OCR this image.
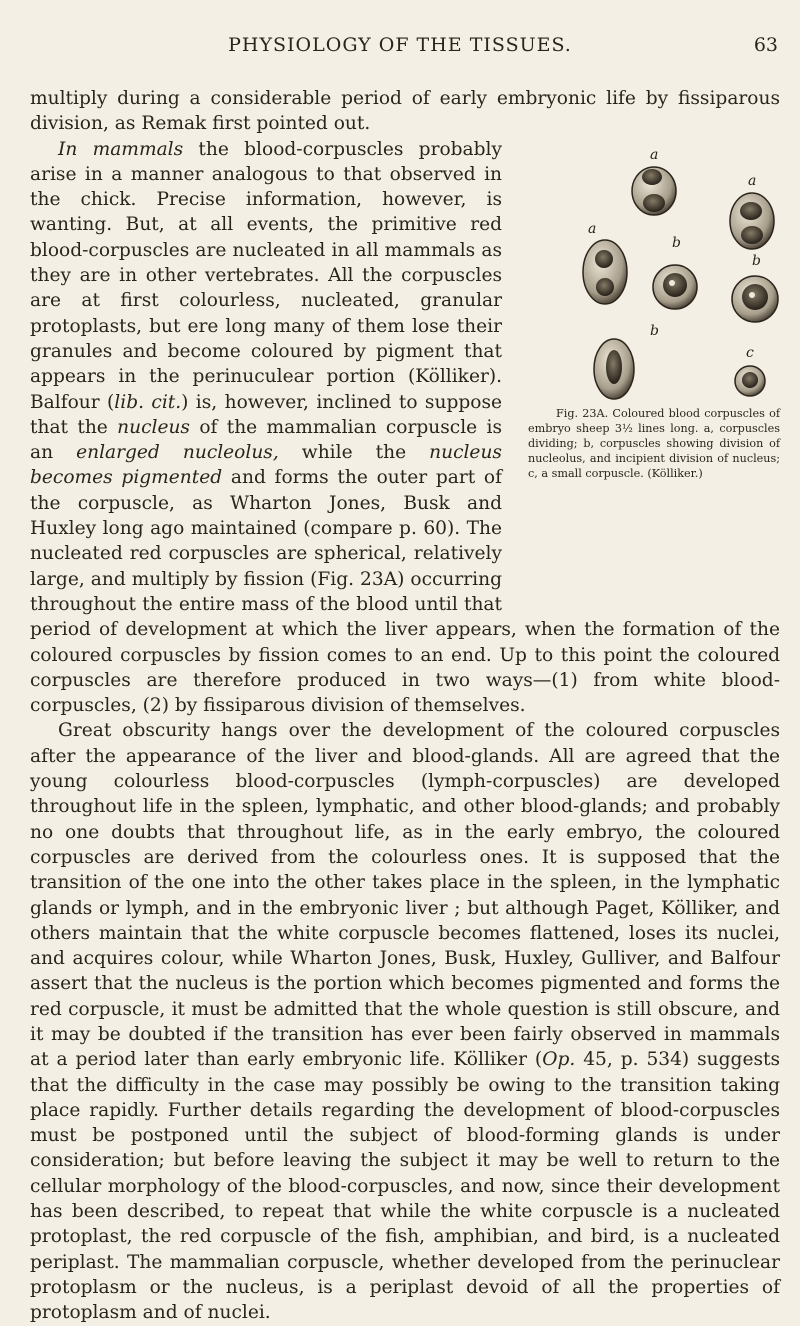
PHYSIOLOGY OF THE TISSUES.	63

multiply during a considerable period of early embryonic life by fissiparous division, as Remak first pointed out.

a
a
a
b
b
b
c
Fig. 23A. Coloured blood corpuscles of embryo sheep 3½ lines long. a, corpuscles dividing; b, corpuscles showing division of nucleolus, and incipient division of nucleus; c, a small corpuscle. (Kölliker.)
In mammals the blood-corpuscles probably arise in a manner analogous to that observed in the chick. Precise information, however, is wanting. But, at all events, the primitive red blood-corpuscles are nucleated in all mammals as they are in other vertebrates. All the corpuscles are at first colourless, nucleated, granular protoplasts, but ere long many of them lose their granules and become coloured by pigment that appears in the perinuculear portion (Kölliker). Balfour (lib. cit.) is, however, inclined to suppose that the nucleus of the mammalian corpuscle is an enlarged nucleolus, while the nucleus becomes pigmented and forms the outer part of the corpuscle, as Wharton Jones, Busk and Huxley long ago maintained (compare p. 60). The nucleated red corpuscles are spherical, relatively large, and multiply by fission (Fig. 23A) occurring throughout the entire mass of the blood until that period of development at which the liver appears, when the formation of the coloured corpuscles by fission comes to an end. Up to this point the coloured corpuscles are therefore produced in two ways—(1) from white blood-corpuscles, (2) by fissiparous division of themselves.

Great obscurity hangs over the development of the coloured corpuscles after the appearance of the liver and blood-glands. All are agreed that the young colourless blood-corpuscles (lymph-corpuscles) are developed throughout life in the spleen, lymphatic, and other blood-glands; and probably no one doubts that throughout life, as in the early embryo, the coloured corpuscles are derived from the colourless ones. It is supposed that the transition of the one into the other takes place in the spleen, in the lymphatic glands or lymph, and in the embryonic liver ; but although Paget, Kölliker, and others maintain that the white corpuscle becomes flattened, loses its nuclei, and acquires colour, while Wharton Jones, Busk, Huxley, Gulliver, and Balfour assert that the nucleus is the portion which becomes pigmented and forms the red corpuscle, it must be admitted that the whole question is still obscure, and it may be doubted if the transition has ever been fairly observed in mammals at a period later than early embryonic life. Kölliker (Op. 45, p. 534) suggests that the difficulty in the case may possibly be owing to the transition taking place rapidly. Further details regarding the development of blood-corpuscles must be postponed until the subject of blood-forming glands is under consideration; but before leaving the subject it may be well to return to the cellular morphology of the blood-corpuscles, and now, since their development has been described, to repeat that while the white corpuscle is a nucleated protoplast, the red corpuscle of the fish, amphibian, and bird, is a nucleated periplast. The mammalian corpuscle, whether developed from the perinuclear protoplasm or the nucleus, is a periplast devoid of all the properties of protoplasm and of nuclei.
